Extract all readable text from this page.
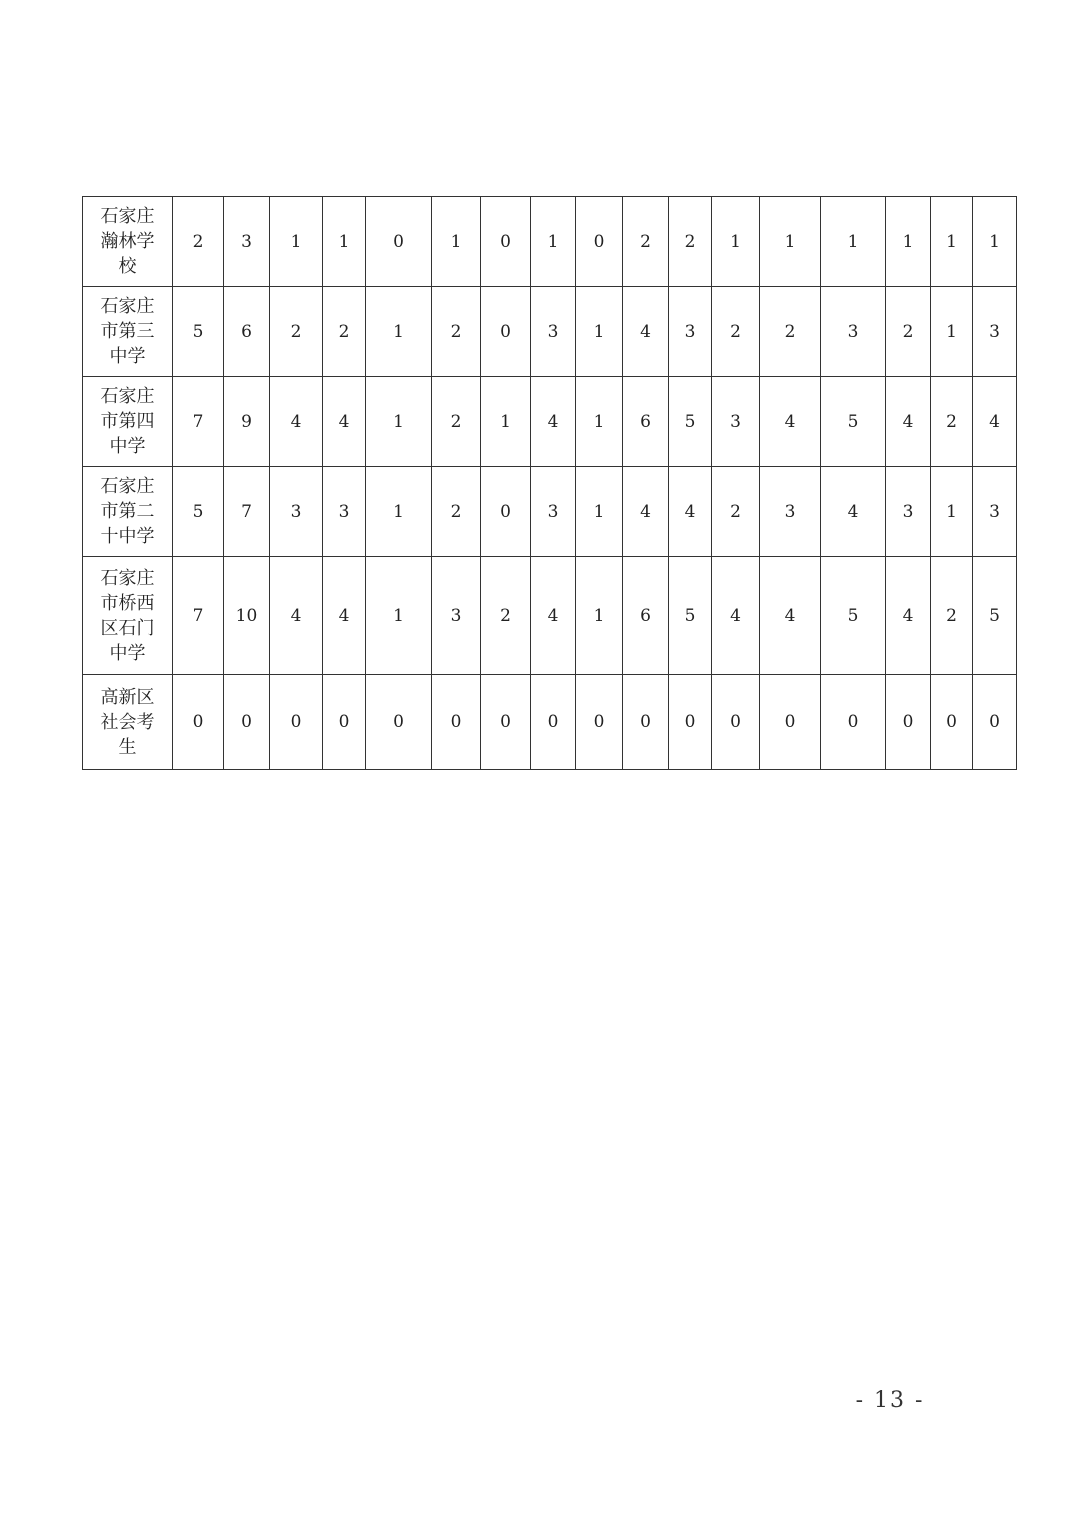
石家庄瀚林学校	2	3	1	1	0	1	0	1	0	2	2	1	1	1	1	1	1
石家庄市第三中学	5	6	2	2	1	2	0	3	1	4	3	2	2	3	2	1	3
石家庄市第四中学	7	9	4	4	1	2	1	4	1	6	5	3	4	5	4	2	4
石家庄市第二十中学	5	7	3	3	1	2	0	3	1	4	4	2	3	4	3	1	3
石家庄市桥西区石门中学	7	10	4	4	1	3	2	4	1	6	5	4	4	5	4	2	5
高新区社会考生	0	0	0	0	0	0	0	0	0	0	0	0	0	0	0	0	0
- 13 -
